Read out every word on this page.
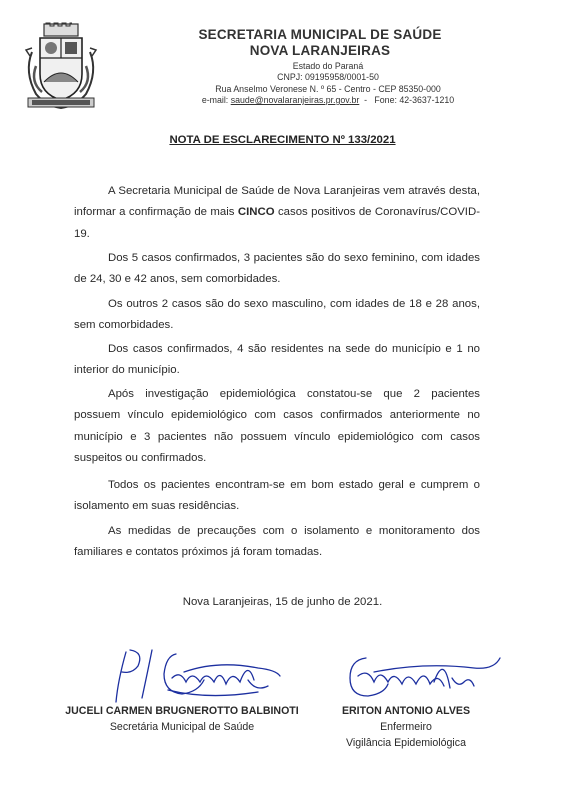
SECRETARIA MUNICIPAL DE SAÚDE
NOVA LARANJEIRAS
Estado do Paraná
CNPJ: 09195958/0001-50
Rua Anselmo Veronese N. º 65 - Centro - CEP 85350-000
e-mail: saude@novalaranjeiras.pr.gov.br  -   Fone: 42-3637-1210
NOTA DE ESCLARECIMENTO Nº 133/2021
A Secretaria Municipal de Saúde de Nova Laranjeiras vem através desta, informar a confirmação de mais CINCO casos positivos de Coronavírus/COVID-19.
Dos 5 casos confirmados, 3 pacientes são do sexo feminino, com idades de 24, 30 e 42 anos, sem comorbidades.
Os outros 2 casos são do sexo masculino, com idades de 18 e 28 anos, sem comorbidades.
Dos casos confirmados, 4 são residentes na sede do município e 1 no interior do município.
Após investigação epidemiológica constatou-se que 2 pacientes possuem vínculo epidemiológico com casos confirmados anteriormente no município e 3 pacientes não possuem vínculo epidemiológico com casos suspeitos ou confirmados.
Todos os pacientes encontram-se em bom estado geral e cumprem o isolamento em suas residências.
As medidas de precauções com o isolamento e monitoramento dos familiares e contatos próximos já foram tomadas.
Nova Laranjeiras, 15 de junho de 2021.
JUCELI CARMEN BRUGNEROTTO BALBINOTI
Secretária Municipal de Saúde
ERITON ANTONIO ALVES
Enfermeiro
Vigilância Epidemiológica
